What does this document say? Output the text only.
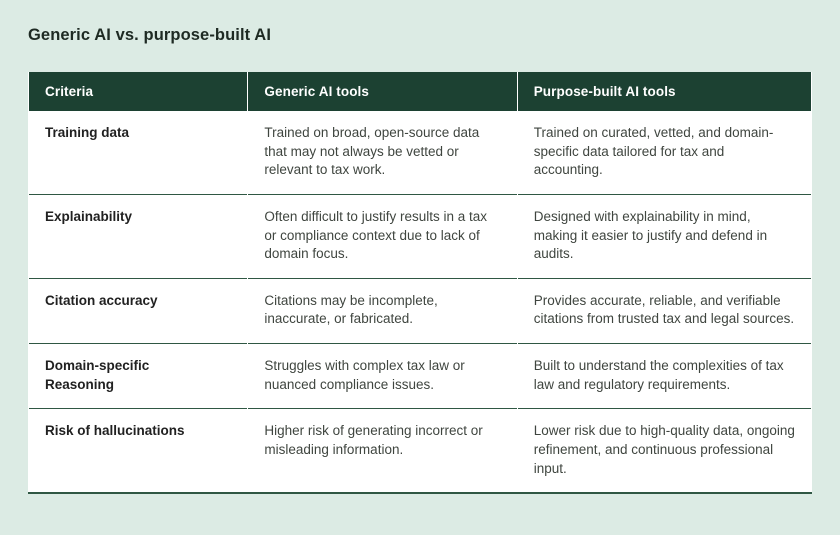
Generic AI vs. purpose-built AI
Criteria	Generic AI tools	Purpose-built AI tools

Training data	Trained on broad, open-source data that may not always be vetted or relevant to tax work.	Trained on curated, vetted, and domain-specific data tailored for tax and accounting.

Explainability	Often difficult to justify results in a tax or compliance context due to lack of domain focus.	Designed with explainability in mind, making it easier to justify and defend in audits.

Citation accuracy	Citations may be incomplete, inaccurate, or fabricated.	Provides accurate, reliable, and verifiable citations from trusted tax and legal sources.

Domain-specific Reasoning	Struggles with complex tax law or nuanced compliance issues.	Built to understand the complexities of tax law and regulatory requirements.

Risk of hallucinations	Higher risk of generating incorrect or misleading information.	Lower risk due to high-quality data, ongoing refinement, and continuous professional input.
